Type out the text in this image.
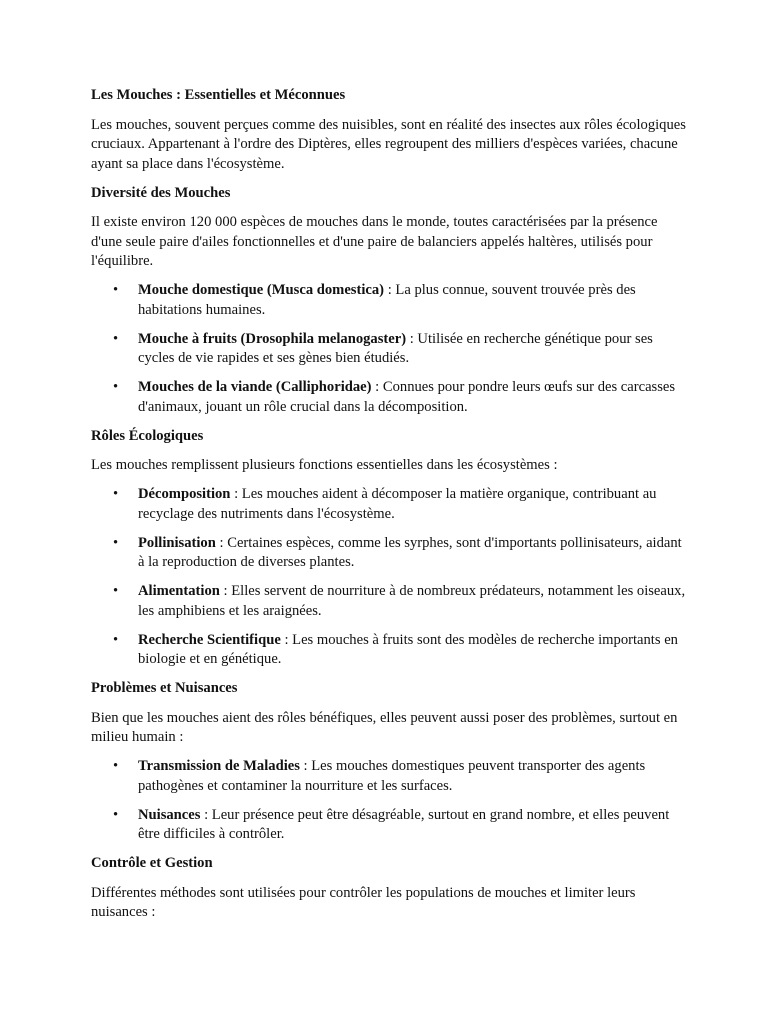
Les Mouches : Essentielles et Méconnues

Les mouches, souvent perçues comme des nuisibles, sont en réalité des insectes aux rôles écologiques cruciaux. Appartenant à l'ordre des Diptères, elles regroupent des milliers d'espèces variées, chacune ayant sa place dans l'écosystème.

Diversité des Mouches

Il existe environ 120 000 espèces de mouches dans le monde, toutes caractérisées par la présence d'une seule paire d'ailes fonctionnelles et d'une paire de balanciers appelés haltères, utilisés pour l'équilibre.

• Mouche domestique (Musca domestica) : La plus connue, souvent trouvée près des habitations humaines.
• Mouche à fruits (Drosophila melanogaster) : Utilisée en recherche génétique pour ses cycles de vie rapides et ses gènes bien étudiés.
• Mouches de la viande (Calliphoridae) : Connues pour pondre leurs œufs sur des carcasses d'animaux, jouant un rôle crucial dans la décomposition.
Rôles Écologiques

Les mouches remplissent plusieurs fonctions essentielles dans les écosystèmes :

• Décomposition : Les mouches aident à décomposer la matière organique, contribuant au recyclage des nutriments dans l'écosystème.
• Pollinisation : Certaines espèces, comme les syrphes, sont d'importants pollinisateurs, aidant à la reproduction de diverses plantes.
• Alimentation : Elles servent de nourriture à de nombreux prédateurs, notamment les oiseaux, les amphibiens et les araignées.
• Recherche Scientifique : Les mouches à fruits sont des modèles de recherche importants en biologie et en génétique.
Problèmes et Nuisances

Bien que les mouches aient des rôles bénéfiques, elles peuvent aussi poser des problèmes, surtout en milieu humain :

• Transmission de Maladies : Les mouches domestiques peuvent transporter des agents pathogènes et contaminer la nourriture et les surfaces.
• Nuisances : Leur présence peut être désagréable, surtout en grand nombre, et elles peuvent être difficiles à contrôler.
Contrôle et Gestion

Différentes méthodes sont utilisées pour contrôler les populations de mouches et limiter leurs nuisances :
